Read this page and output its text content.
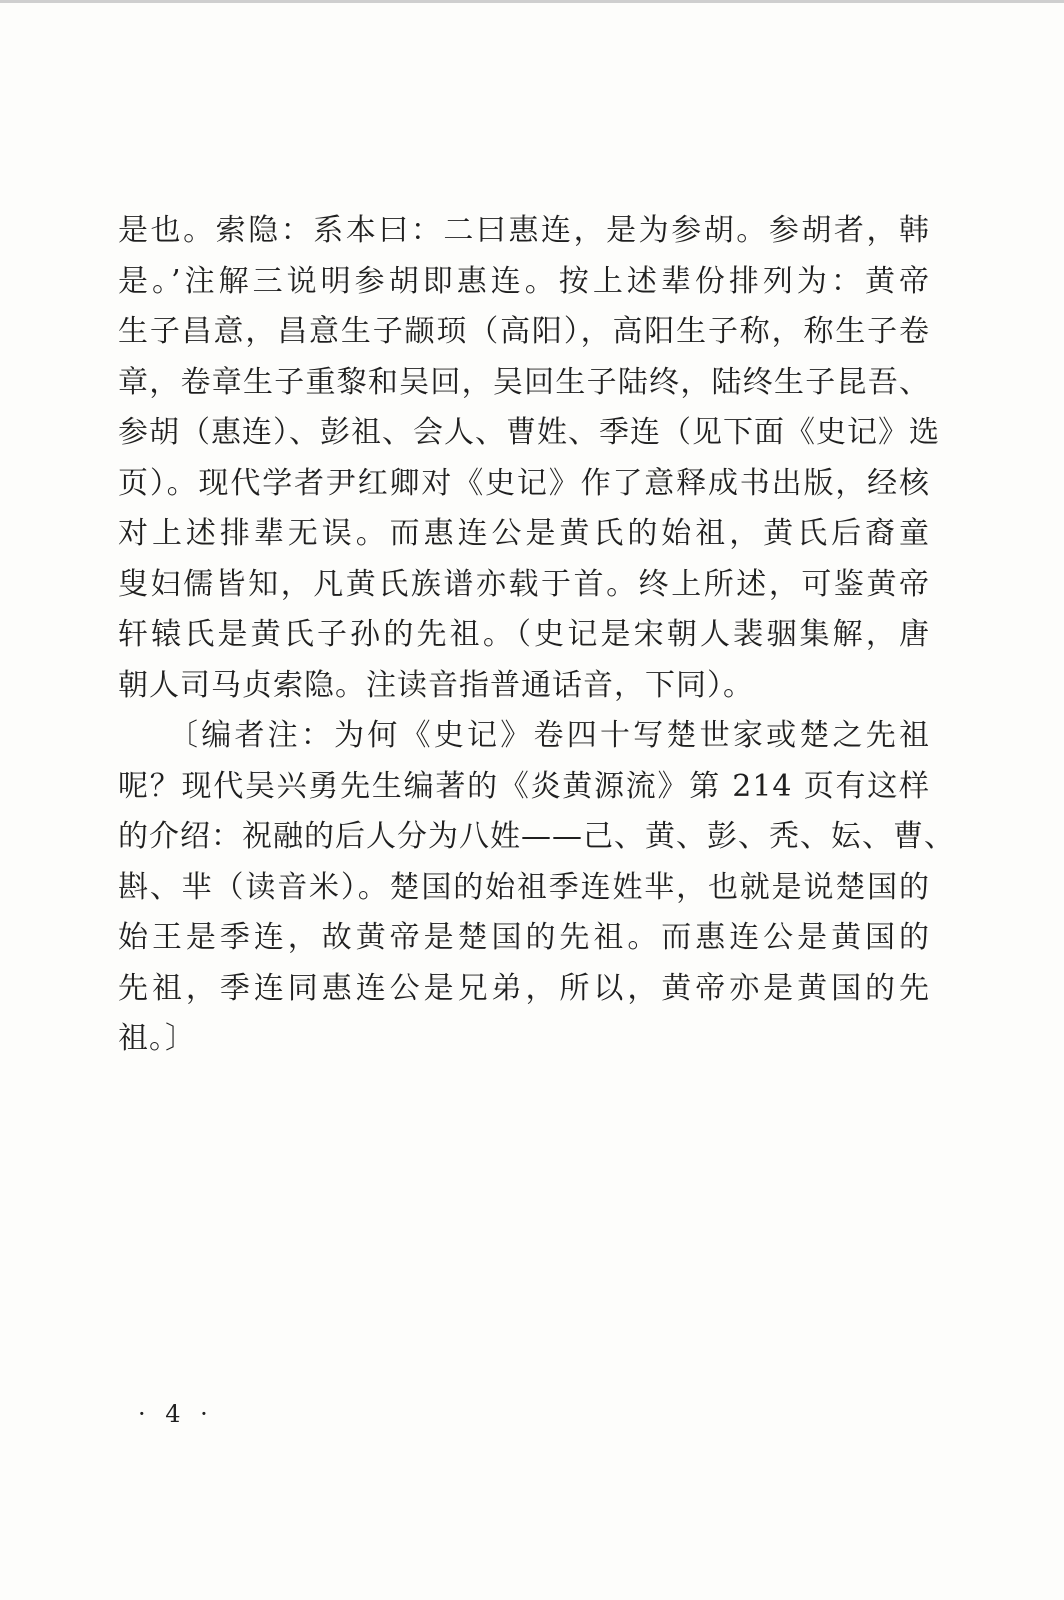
是也。索隐：系本曰：二曰惠连，是为参胡。参胡者，韩
是。’注解三说明参胡即惠连。按上述辈份排列为：黄帝
生子昌意，昌意生子颛顼（高阳），高阳生子称，称生子卷
章，卷章生子重黎和吴回，吴回生子陆终，陆终生子昆吾、
参胡（惠连）、彭祖、会人、曹姓、季连（见下面《史记》选
页）。现代学者尹红卿对《史记》作了意释成书出版，经核
对上述排辈无误。而惠连公是黄氏的始祖，黄氏后裔童
叟妇儒皆知，凡黄氏族谱亦载于首。终上所述，可鉴黄帝
轩辕氏是黄氏子孙的先祖。（史记是宋朝人裴骃集解，唐
朝人司马贞索隐。注读音指普通话音，下同）。
〔编者注：为何《史记》卷四十写楚世家或楚之先祖
呢？现代吴兴勇先生编著的《炎黄源流》第 214 页有这样
的介绍：祝融的后人分为八姓——己、黄、彭、秃、妘、曹、
斟、芈（读音米）。楚国的始祖季连姓芈，也就是说楚国的
始王是季连，故黄帝是楚国的先祖。而惠连公是黄国的
先祖，季连同惠连公是兄弟，所以，黄帝亦是黄国的先
祖。〕
· 4 ·
